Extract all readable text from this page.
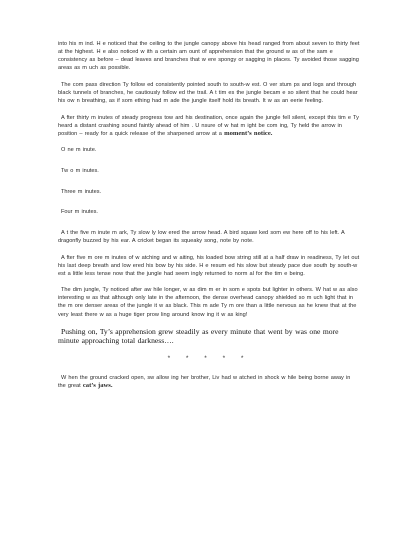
into his m ind. H e noticed that the ceiling to the jungle canopy above his head ranged from about seven to thirty feet at the highest. H e also noticed w ith a certain am ount of apprehension that the ground w as of the sam e consistency as before – dead leaves and branches that w ere spongy or sagging in places. Ty avoided those sagging areas as m uch as possible.

The com pass direction Ty follow ed consistently pointed south to south-w est. O ver stum ps and logs and through black tunnels of branches, he cautiously follow ed the trail. A t tim es the jungle becam e so silent that he could hear his ow n breathing, as if som ething had m ade the jungle itself hold its breath. It w as an eerie feeling.

A fter thirty m inutes of steady progress tow ard his destination, once again the jungle fell silent, except this tim e Ty heard a distant crashing sound faintly ahead of him . U nsure of w hat m ight be com ing, Ty held the arrow in position – ready for a quick release of the sharpened arrow at a moment’s notice.

O ne m inute.

Tw o m inutes.

Three m inutes.

Four m inutes.

A t the five m inute m ark, Ty slow ly low ered the arrow head. A bird squaw ked som ew here off to his left. A dragonfly buzzed by his ear. A cricket began its squeaky song, note by note.

A fter five m ore m inutes of w atching and w aiting, his loaded bow string still at a half draw in readiness, Ty let out his last deep breath and low ered his bow by his side. H e resum ed his slow but steady pace due south by south-w est a little less tense now that the jungle had seem ingly returned to norm al for the tim e being.

The dim jungle, Ty noticed after aw hile longer, w as dim m er in som e spots but lighter in others. W hat w as also interesting w as that although only late in the afternoon, the dense overhead canopy shielded so m uch light that in the m ore denser areas of the jungle it w as black. This m ade Ty m ore than a little nervous as he knew that at the very least there w as a huge tiger prow ling around know ing it w as king!

Pushing on, Ty’s apprehension grew steadily as every minute that went by was one more minute approaching total darkness….

* * * * *

W hen the ground cracked open, sw allow ing her brother, Liv had w atched in shock w hile being borne away in the great cat’s jaws.
